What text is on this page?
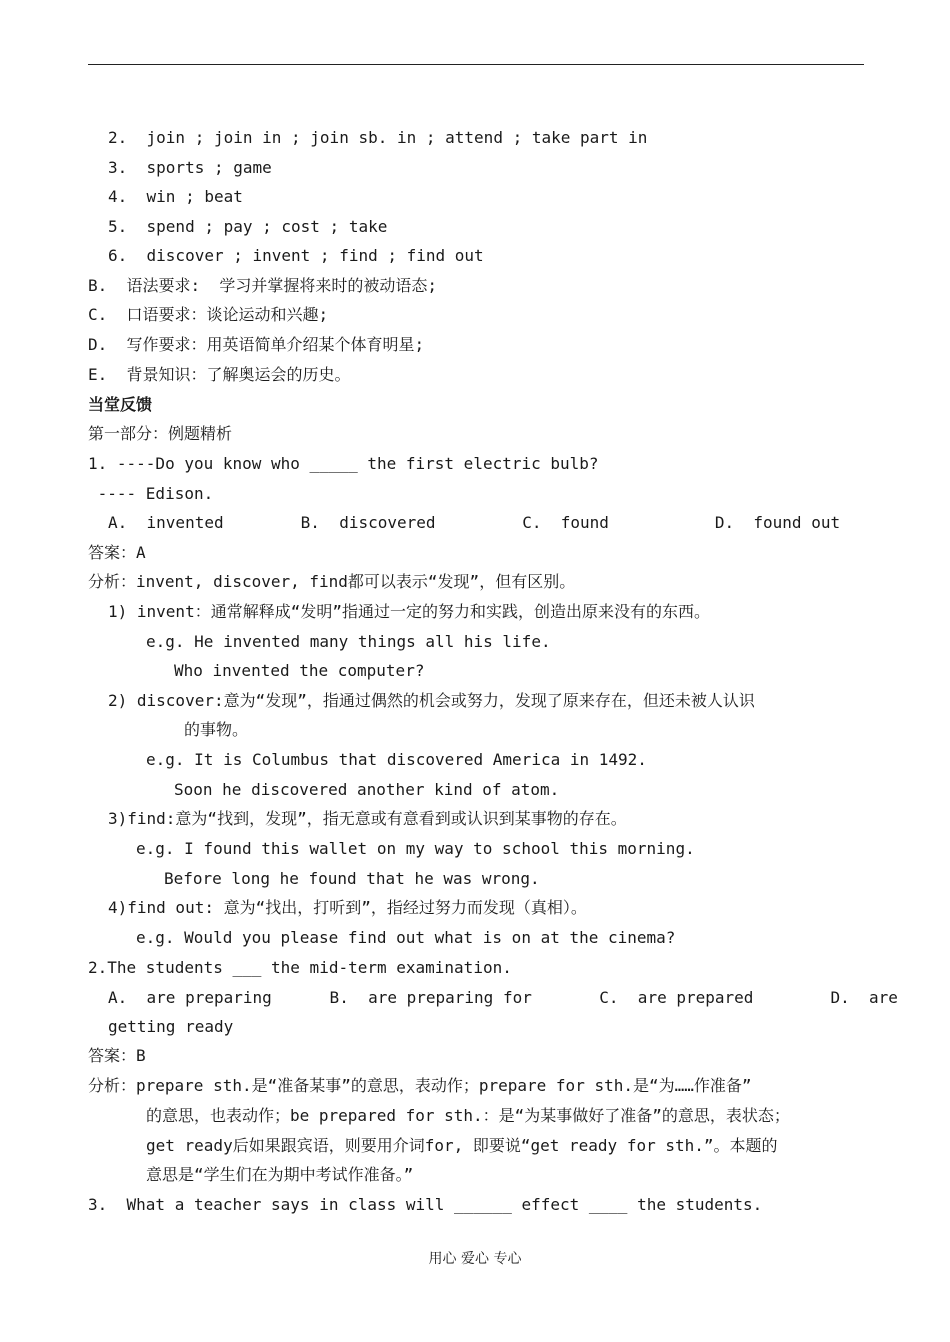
2.  join ; join in ; join sb. in ; attend ; take part in
3.  sports ; game
4.  win ; beat
5.  spend ; pay ; cost ; take
6.  discover ; invent ; find ; find out
B.  语法要求:  学习并掌握将来时的被动语态;
C.  口语要求：谈论运动和兴趣;
D.  写作要求：用英语简单介绍某个体育明星;
E.  背景知识：了解奥运会的历史。
当堂反馈
第一部分：例题精析
1. ----Do you know who _____ the first electric bulb?
---- Edison.
A.  invented        B.  discovered         C.  found           D.  found out
答案：A
分析：invent, discover, find都可以表示“发现”，但有区别。
1) invent：通常解释成“发明”指通过一定的努力和实践，创造出原来没有的东西。
e.g. He invented many things all his life.
Who invented the computer?
2) discover:意为“发现”，指通过偶然的机会或努力，发现了原来存在，但还未被人认识
的事物。
e.g. It is Columbus that discovered America in 1492.
Soon he discovered another kind of atom.
3)find:意为“找到，发现”，指无意或有意看到或认识到某事物的存在。
e.g. I found this wallet on my way to school this morning.
Before long he found that he was wrong.
4)find out: 意为“找出，打听到”，指经过努力而发现（真相）。
e.g. Would you please find out what is on at the cinema?
2.The students ___ the mid-term examination.
A.  are preparing      B.  are preparing for       C.  are prepared        D.  are
getting ready
答案：B
分析：prepare sth.是“准备某事”的意思，表动作；prepare for sth.是“为……作准备”
的意思，也表动作；be prepared for sth.：是“为某事做好了准备”的意思，表状态；
get ready后如果跟宾语，则要用介词for, 即要说“get ready for sth.”。本题的
意思是“学生们在为期中考试作准备。”
3.  What a teacher says in class will ______ effect ____ the students.
用心 爱心 专心
